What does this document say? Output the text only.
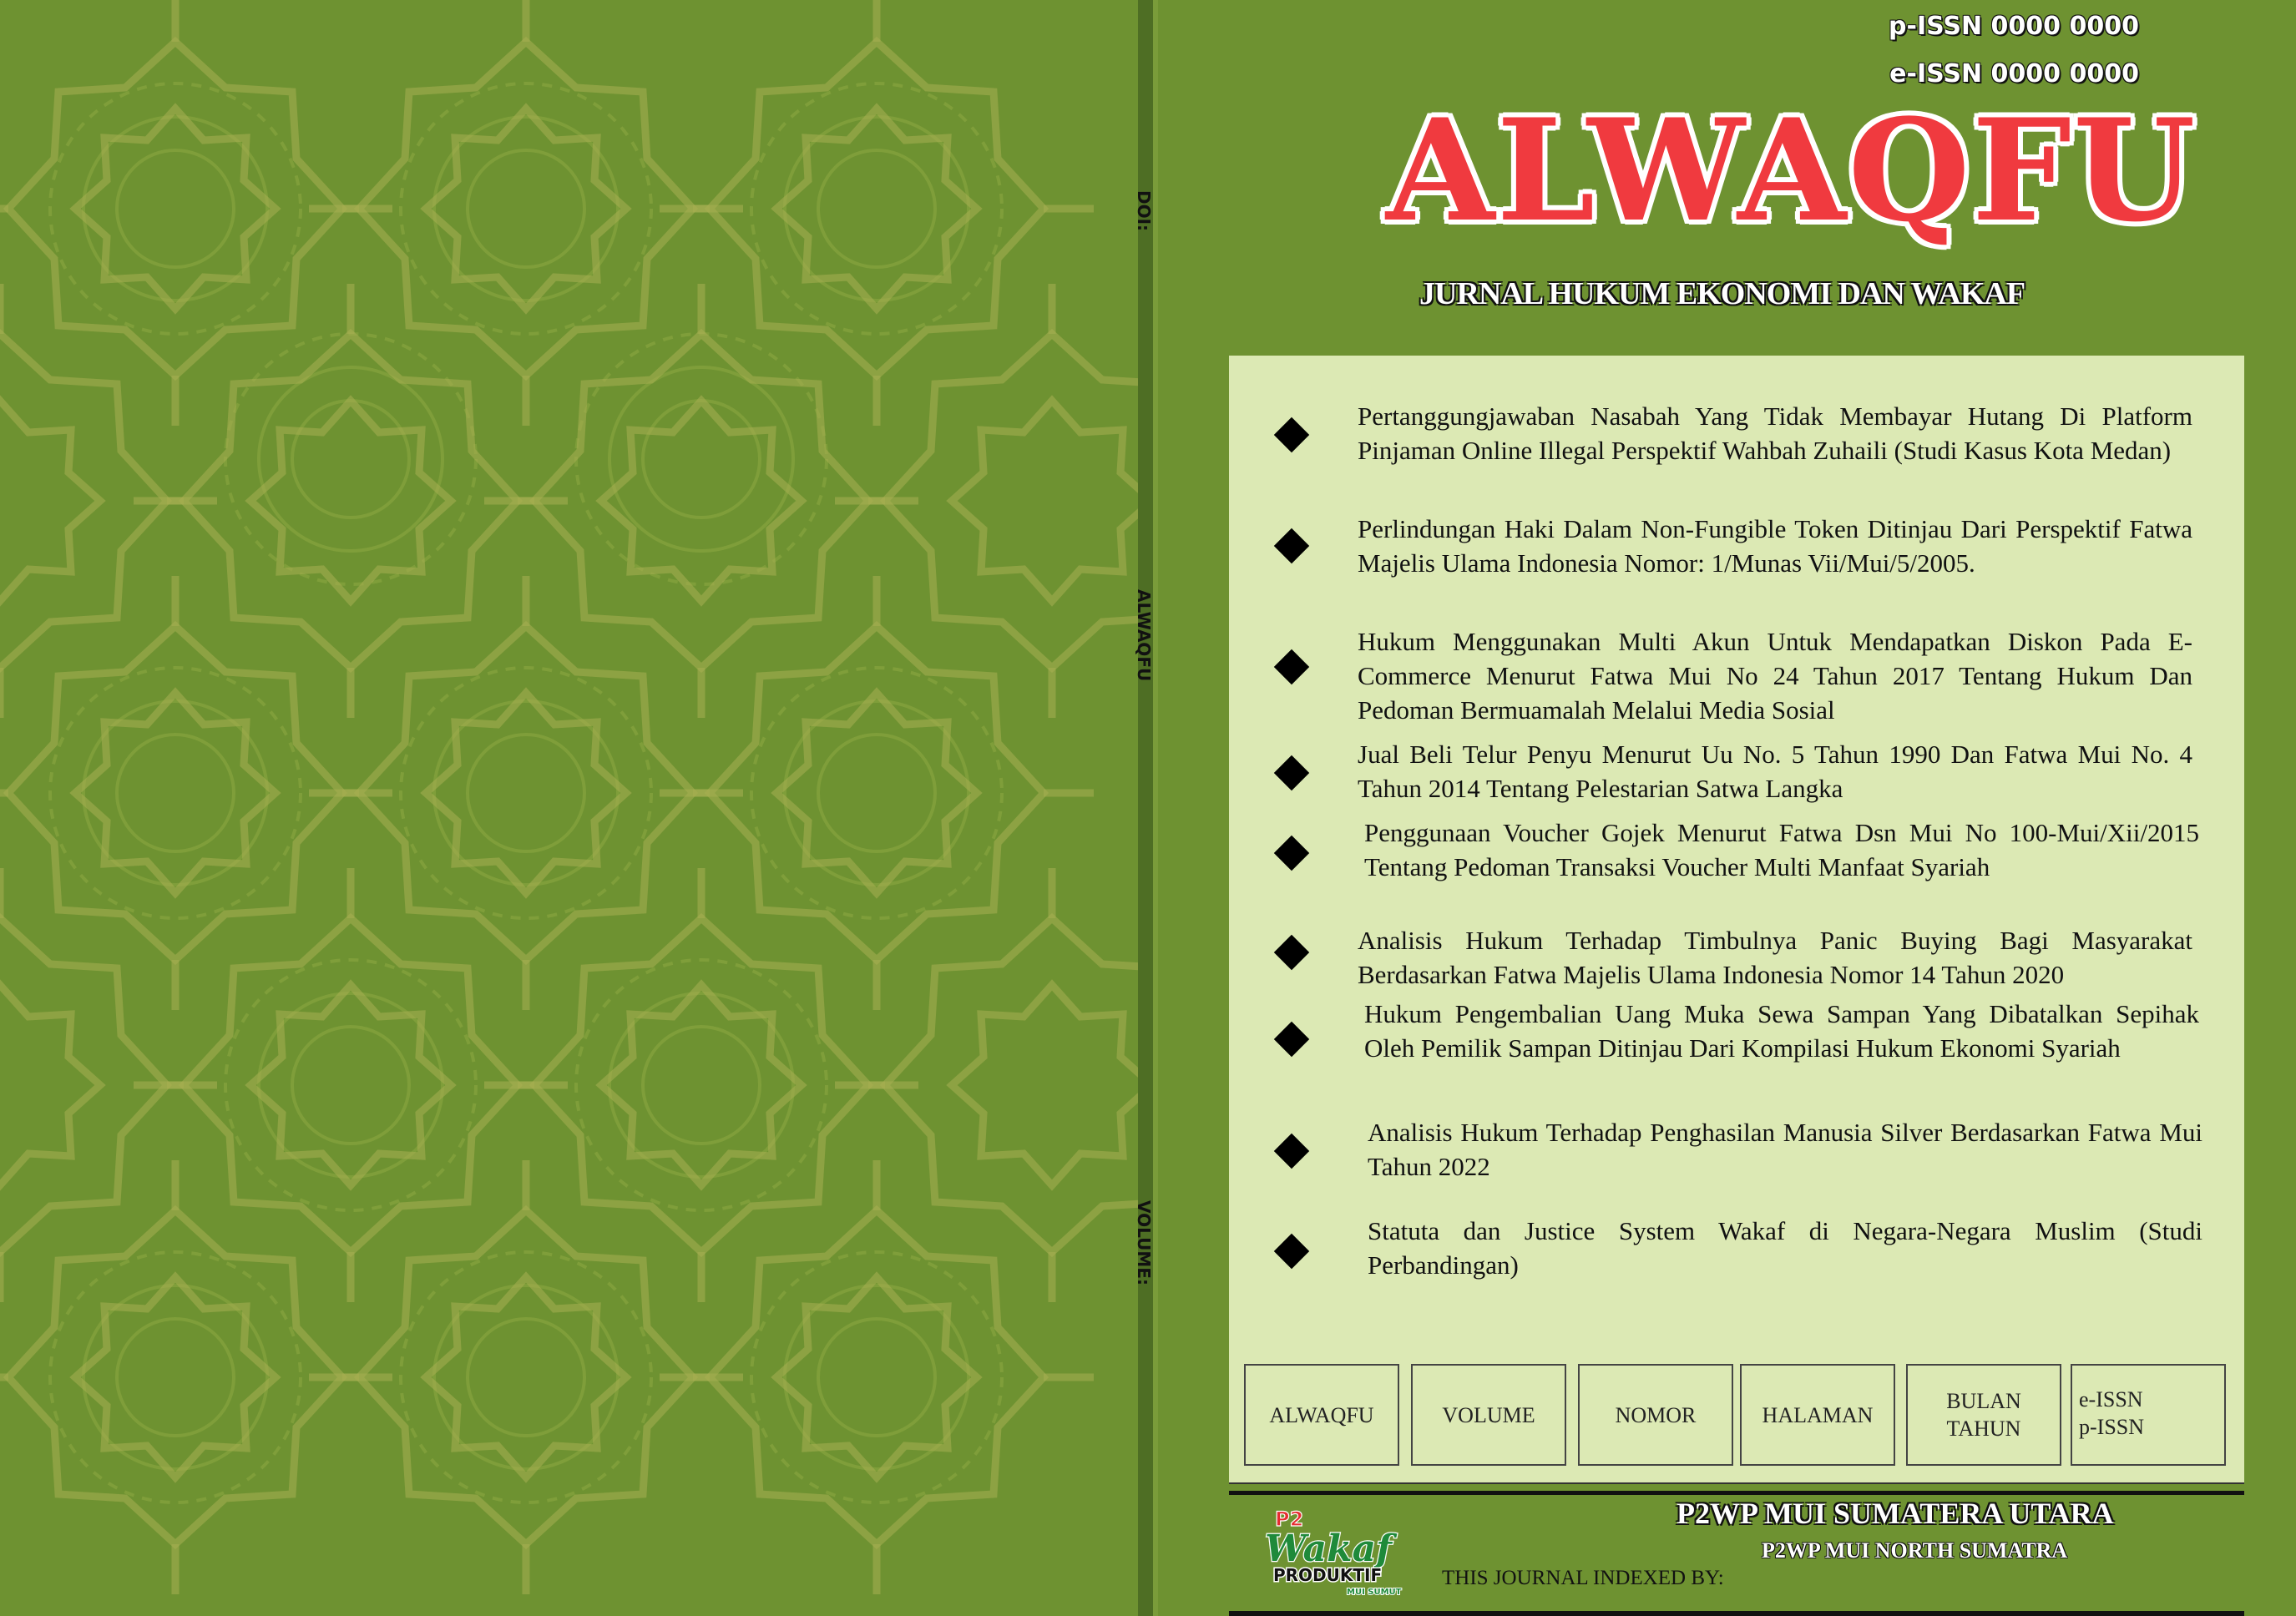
DOI:
ALWAQFU
VOLUME:
p-ISSN 0000 0000
e-ISSN 0000 0000
ALWAQFU
JURNAL HUKUM EKONOMI DAN WAKAF
Pertanggungjawaban Nasabah Yang Tidak Membayar Hutang Di Platform Pinjaman Online Illegal Perspektif Wahbah Zuhaili (Studi Kasus Kota Medan)
Perlindungan Haki Dalam Non-Fungible Token Ditinjau Dari Perspektif Fatwa Majelis Ulama Indonesia Nomor: 1/Munas Vii/Mui/5/2005.
Hukum Menggunakan Multi Akun Untuk Mendapatkan Diskon Pada E-Commerce Menurut Fatwa Mui No 24 Tahun 2017 Tentang Hukum Dan Pedoman Bermuamalah Melalui Media Sosial
Jual Beli Telur Penyu Menurut Uu No. 5 Tahun 1990 Dan Fatwa Mui No. 4 Tahun 2014 Tentang Pelestarian Satwa Langka
Penggunaan Voucher Gojek Menurut Fatwa Dsn Mui No 100-Mui/Xii/2015 Tentang Pedoman Transaksi Voucher Multi Manfaat Syariah
Analisis Hukum Terhadap Timbulnya Panic Buying Bagi Masyarakat Berdasarkan Fatwa Majelis Ulama Indonesia Nomor 14 Tahun 2020
Hukum Pengembalian Uang Muka Sewa Sampan Yang Dibatalkan Sepihak Oleh Pemilik Sampan Ditinjau Dari Kompilasi Hukum Ekonomi Syariah
Analisis Hukum Terhadap Penghasilan Manusia Silver Berdasarkan Fatwa Mui Tahun 2022
Statuta dan Justice System Wakaf di Negara-Negara Muslim (Studi Perbandingan)
ALWAQFU	VOLUME	NOMOR	HALAMAN
BULAN
TAHUN
e-ISSN
p-ISSN
P2WP MUI SUMATERA UTARA
P2WP MUI NORTH SUMATRA
THIS JOURNAL INDEXED BY:
P2
Wakaf
PRODUKTIF
MUI SUMUT
